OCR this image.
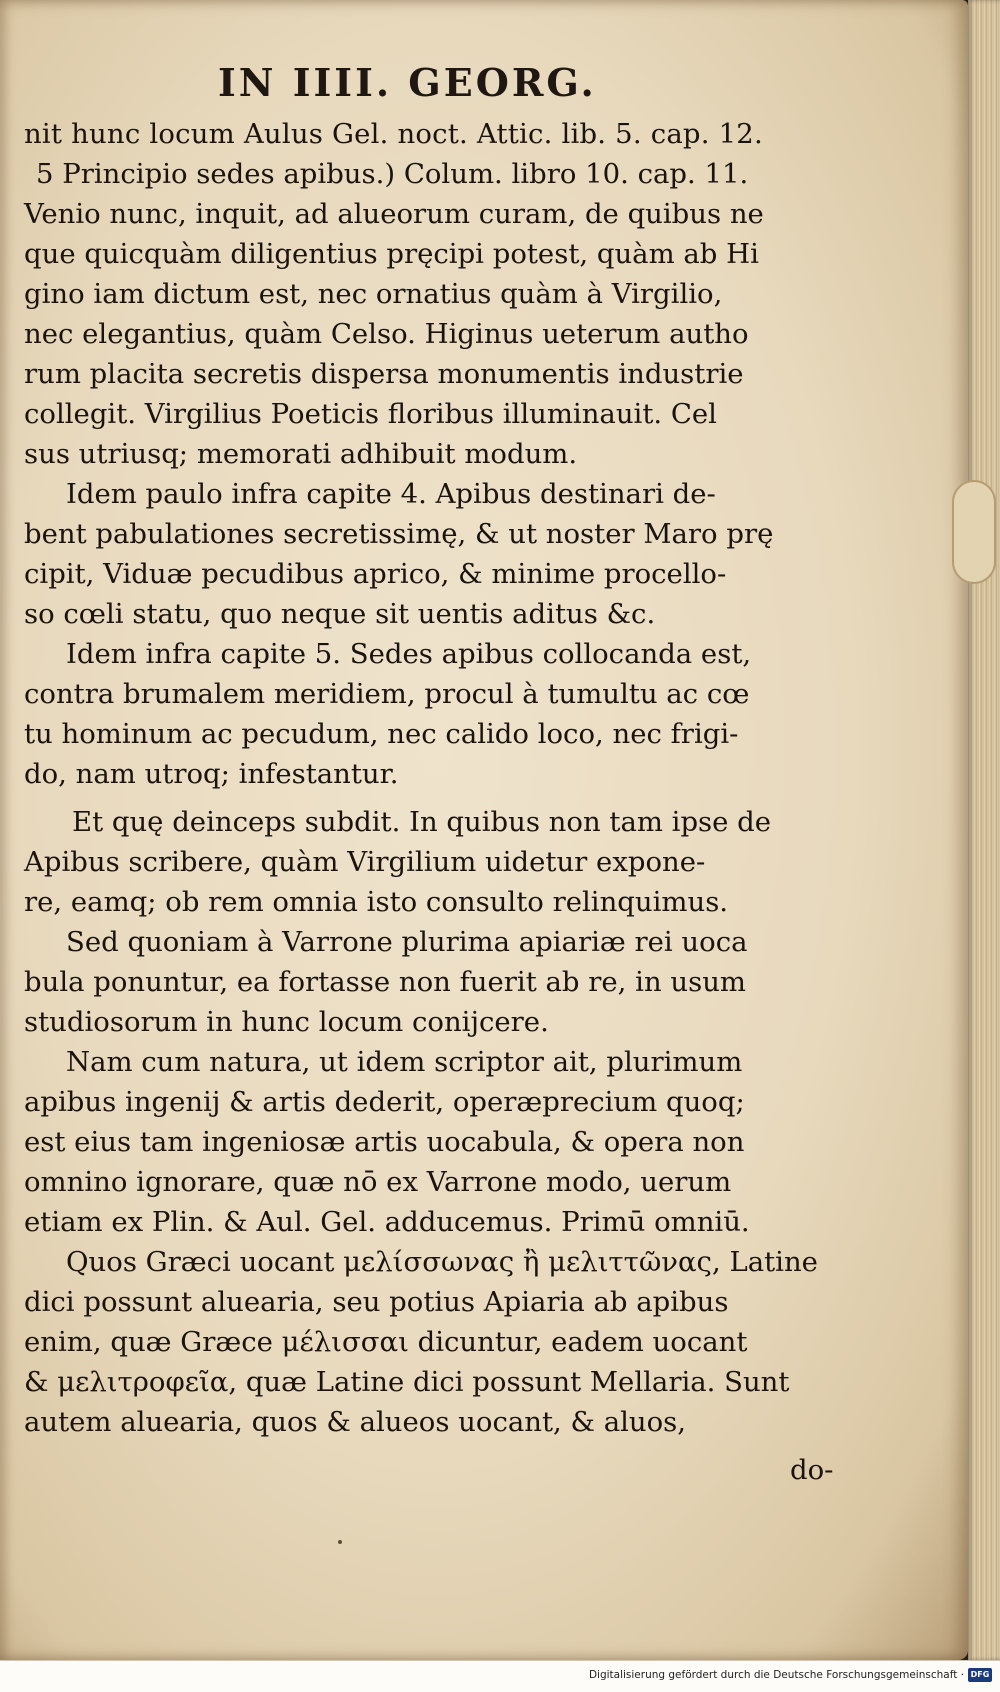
IN IIII. GEORG.
nit hunc locum Aulus Gel. noct. Attic. lib. 5. cap. 12.
5 Principio sedes apibus.) Colum. libro 10. cap. 11.
Venio nunc, inquit, ad alueorum curam, de quibus ne
que quicquàm diligentius pręcipi potest, quàm ab Hi
gino iam dictum est, nec ornatius quàm à Virgilio,
nec elegantius, quàm Celso. Higinus ueterum autho
rum placita secretis dispersa monumentis industrie
collegit. Virgilius Poeticis floribus illuminauit. Cel
sus utriusq; memorati adhibuit modum.
Idem paulo infra capite 4. Apibus destinari de-
bent pabulationes secretissimę, & ut noster Maro prę
cipit, Viduæ pecudibus aprico, & minime procello-
so cœli statu, quo neque sit uentis aditus &c.
Idem infra capite 5. Sedes apibus collocanda est,
contra brumalem meridiem, procul à tumultu ac cœ
tu hominum ac pecudum, nec calido loco, nec frigi-
do, nam utroq; infestantur.
Et quę deinceps subdit. In quibus non tam ipse de
Apibus scribere, quàm Virgilium uidetur expone-
re, eamq; ob rem omnia isto consulto relinquimus.
Sed quoniam à Varrone plurima apiariæ rei uoca
bula ponuntur, ea fortasse non fuerit ab re, in usum
studiosorum in hunc locum conijcere.
Nam cum natura, ut idem scriptor ait, plurimum
apibus ingenij & artis dederit, operæprecium quoq;
est eius tam ingeniosæ artis uocabula, & opera non
omnino ignorare, quæ nō ex Varrone modo, uerum
etiam ex Plin. & Aul. Gel. adducemus. Primū omniū.
Quos Græci uocant μελίσσωνας ἢ μελιττῶνας, Latine
dici possunt aluearia, seu potius Apiaria ab apibus
enim, quæ Græce μέλισσαι dicuntur, eadem uocant
& μελιτροφεῖα, quæ Latine dici possunt Mellaria. Sunt
autem aluearia, quos & alueos uocant, & aluos,
do-
Digitalisierung gefördert durch die Deutsche Forschungsgemeinschaft · DFG
